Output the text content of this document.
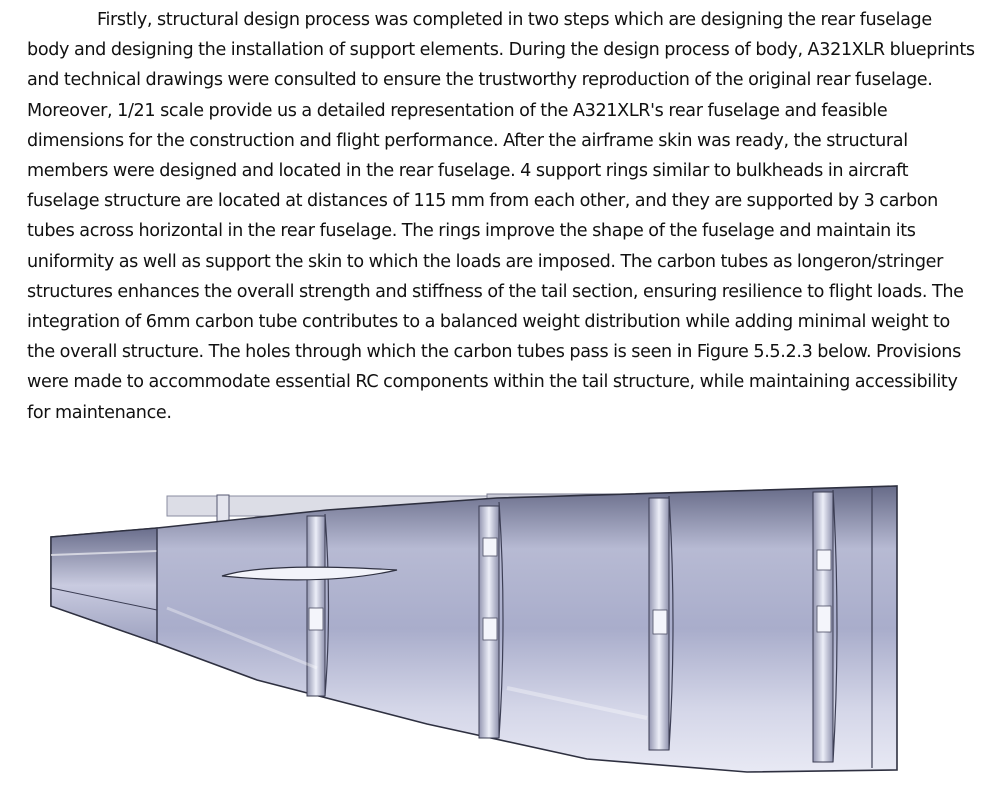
Firstly, structural design process was completed in two steps which are designing the rear fuselage body and designing the installation of support elements. During the design process of body, A321XLR blueprints and technical drawings were consulted to ensure the trustworthy reproduction of the original rear fuselage. Moreover, 1/21 scale provide us a detailed representation of the A321XLR's rear fuselage and feasible dimensions for the construction and flight performance. After the airframe skin was ready, the structural members were designed and located in the rear fuselage. 4 support rings similar to bulkheads in aircraft fuselage structure are located at distances of 115 mm from each other, and they are supported by 3 carbon tubes across horizontal in the rear fuselage. The rings improve the shape of the fuselage and maintain its uniformity as well as support the skin to which the loads are imposed. The carbon tubes as longeron/stringer structures enhances the overall strength and stiffness of the tail section, ensuring resilience to flight loads. The integration of 6mm carbon tube contributes to a balanced weight distribution while adding minimal weight to the overall structure. The holes through which the carbon tubes pass is seen in Figure 5.5.2.3 below. Provisions were made to accommodate essential RC components within the tail structure, while maintaining accessibility for maintenance.
